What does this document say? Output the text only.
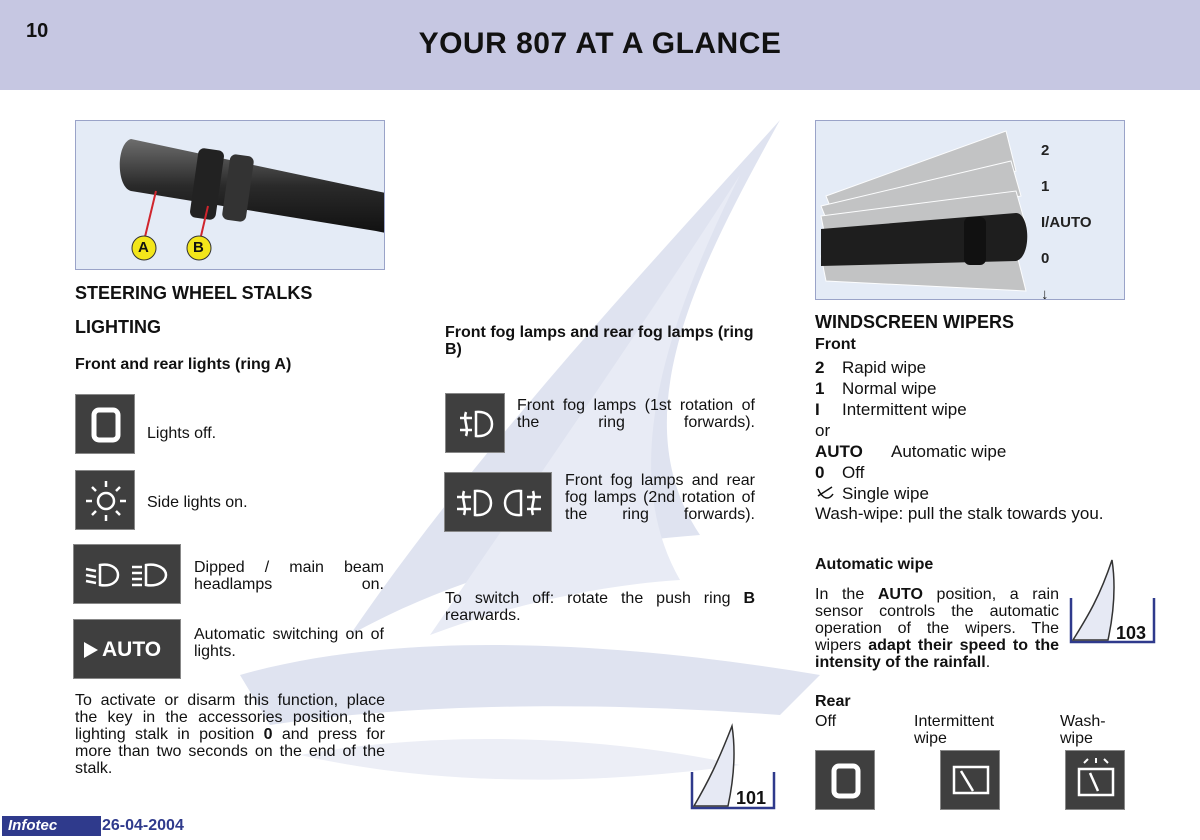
10	YOUR 807 AT A GLANCE
A	B
STEERING WHEEL STALKS
LIGHTING
Front and rear lights (ring A)
Lights off.
Side lights on.
Dipped / main beam headlamps on.
AUTO
Automatic switching on of lights.
To activate or disarm this function, place the key in the accessories position, the lighting stalk in position 0 and press for more than two seconds on the end of the stalk.
Front fog lamps and rear fog lamps (ring B)
Front fog lamps (1st rotation of the ring forwards).
Front fog lamps and rear fog lamps (2nd rotation of the ring forwards).
To switch off: rotate the push ring B rearwards.
101
2
1
I/AUTO
0
↓
WINDSCREEN WIPERS
Front
2 Rapid wipe
1 Normal wipe
I Intermittent wipe
or
AUTO Automatic wipe
0 Off
Single wipe
Wash-wipe: pull the stalk towards you.
Automatic wipe
In the AUTO position, a rain sensor controls the automatic operation of the wipers. The wipers adapt their speed to the intensity of the rainfall.
103
Rear
Off	Intermittent wipe
Wash-wipe
Infotec	26-04-2004
